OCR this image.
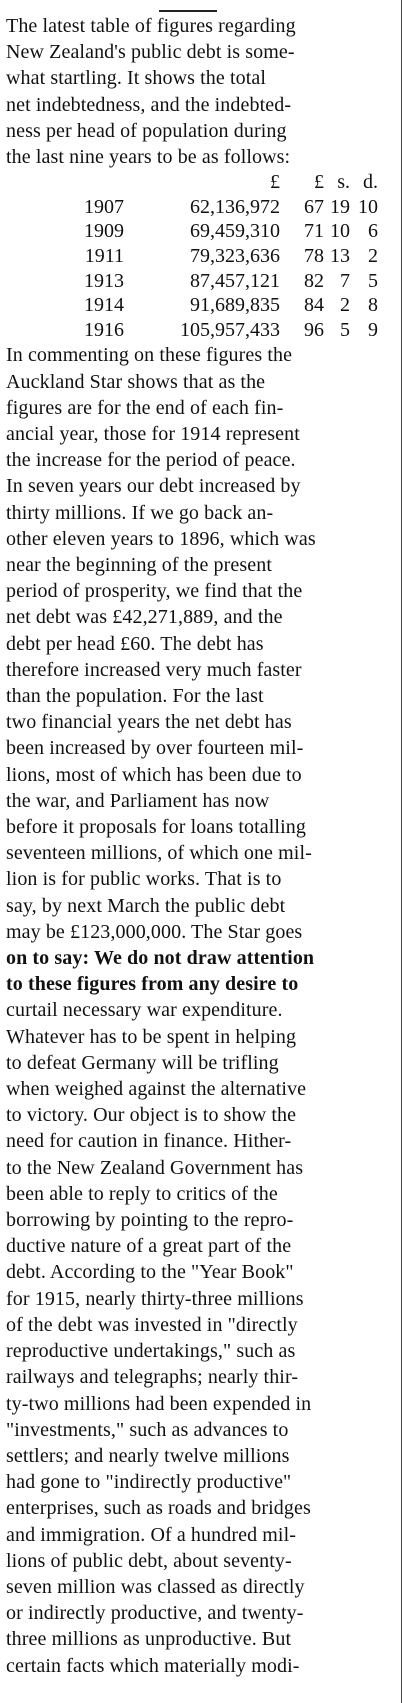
The latest table of figures regarding
New Zealand's public debt is some-
what startling. It shows the total
net indebtedness, and the indebted-
ness per head of population during
the last nine years to be as follows:

	£	£	s.	d.
1907	62,136,972	67	19	10
1909	69,459,310	71	10	6
1911	79,323,636	78	13	2
1913	87,457,121	82	7	5
1914	91,689,835	84	2	8
1916	105,957,433	96	5	9

In commenting on these figures the
Auckland Star shows that as the
figures are for the end of each fin-
ancial year, those for 1914 represent
the increase for the period of peace.
In seven years our debt increased by
thirty millions. If we go back an-
other eleven years to 1896, which was
near the beginning of the present
period of prosperity, we find that the
net debt was £42,271,889, and the
debt per head £60. The debt has
therefore increased very much faster
than the population. For the last
two financial years the net debt has
been increased by over fourteen mil-
lions, most of which has been due to
the war, and Parliament has now
before it proposals for loans totalling
seventeen millions, of which one mil-
lion is for public works. That is to
say, by next March the public debt
may be £123,000,000. The Star goes

on to say: We do not draw attention
to these figures from any desire to

curtail necessary war expenditure.
Whatever has to be spent in helping
to defeat Germany will be trifling
when weighed against the alternative
to victory. Our object is to show the
need for caution in finance. Hither-
to the New Zealand Government has
been able to reply to critics of the
borrowing by pointing to the repro-
ductive nature of a great part of the
debt. According to the "Year Book"
for 1915, nearly thirty-three millions
of the debt was invested in "directly
reproductive undertakings," such as
railways and telegraphs; nearly thir-
ty-two millions had been expended in
"investments," such as advances to
settlers; and nearly twelve millions
had gone to "indirectly productive"
enterprises, such as roads and bridges
and immigration. Of a hundred mil-
lions of public debt, about seventy-
seven million was classed as directly
or indirectly productive, and twenty-
three millions as unproductive. But
certain facts which materially modi-
